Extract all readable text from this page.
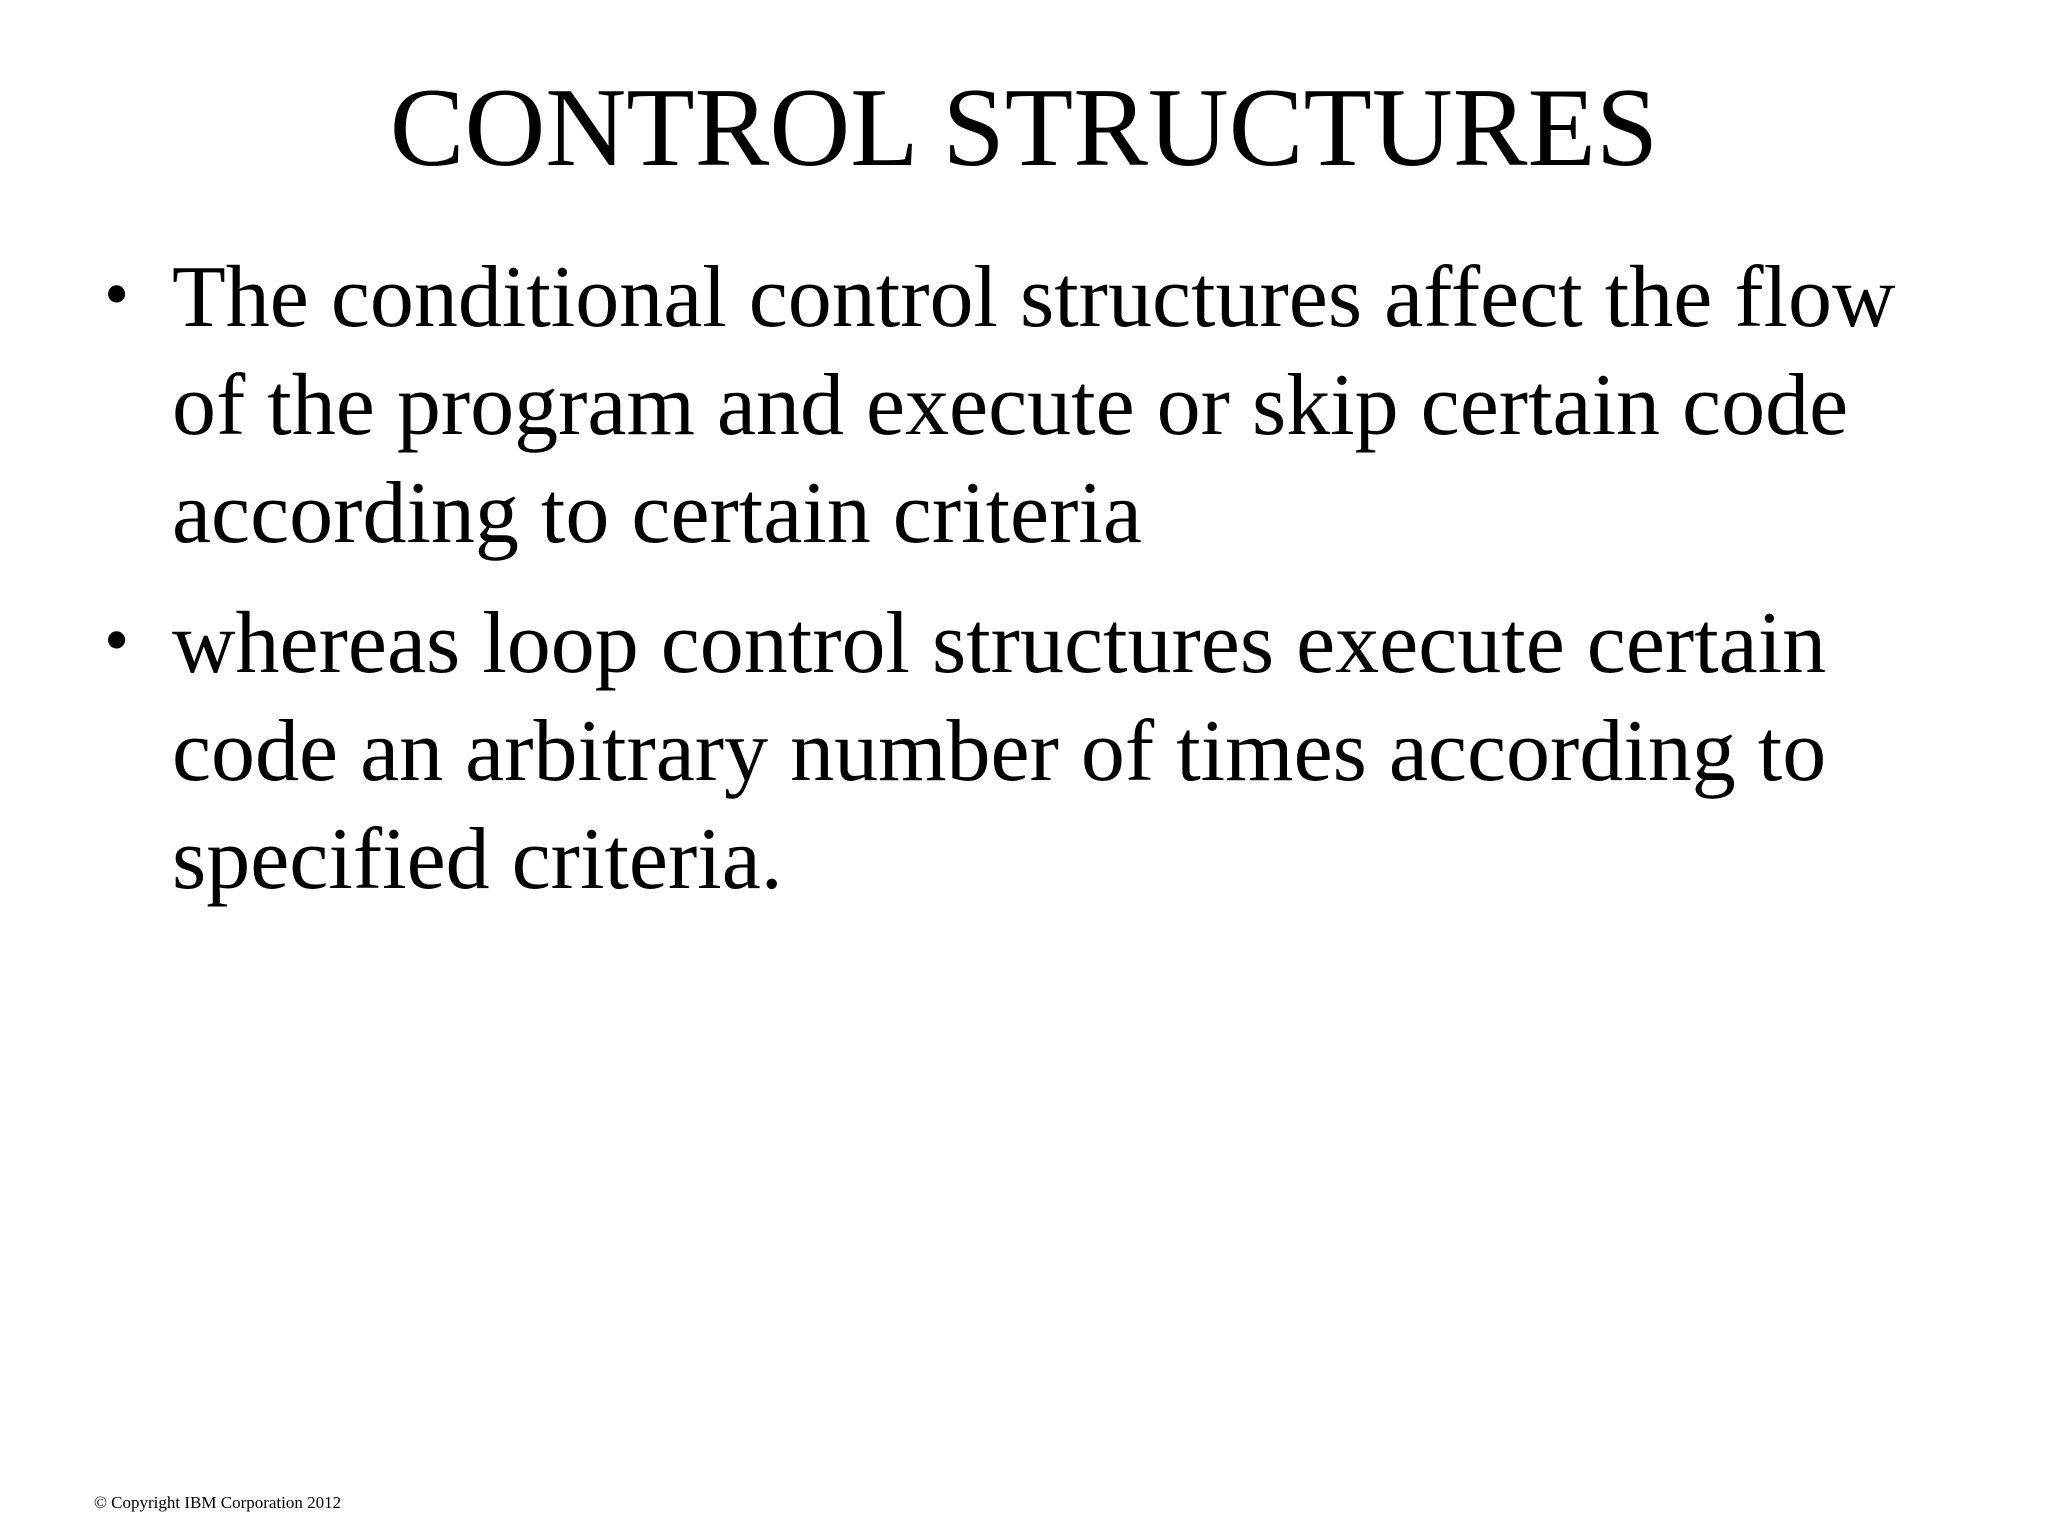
CONTROL STRUCTURES
• The conditional control structures affect the flow of the program and execute or skip certain code according to certain criteria
• whereas loop control structures execute certain code an arbitrary number of times according to specified criteria.
© Copyright IBM Corporation 2012
